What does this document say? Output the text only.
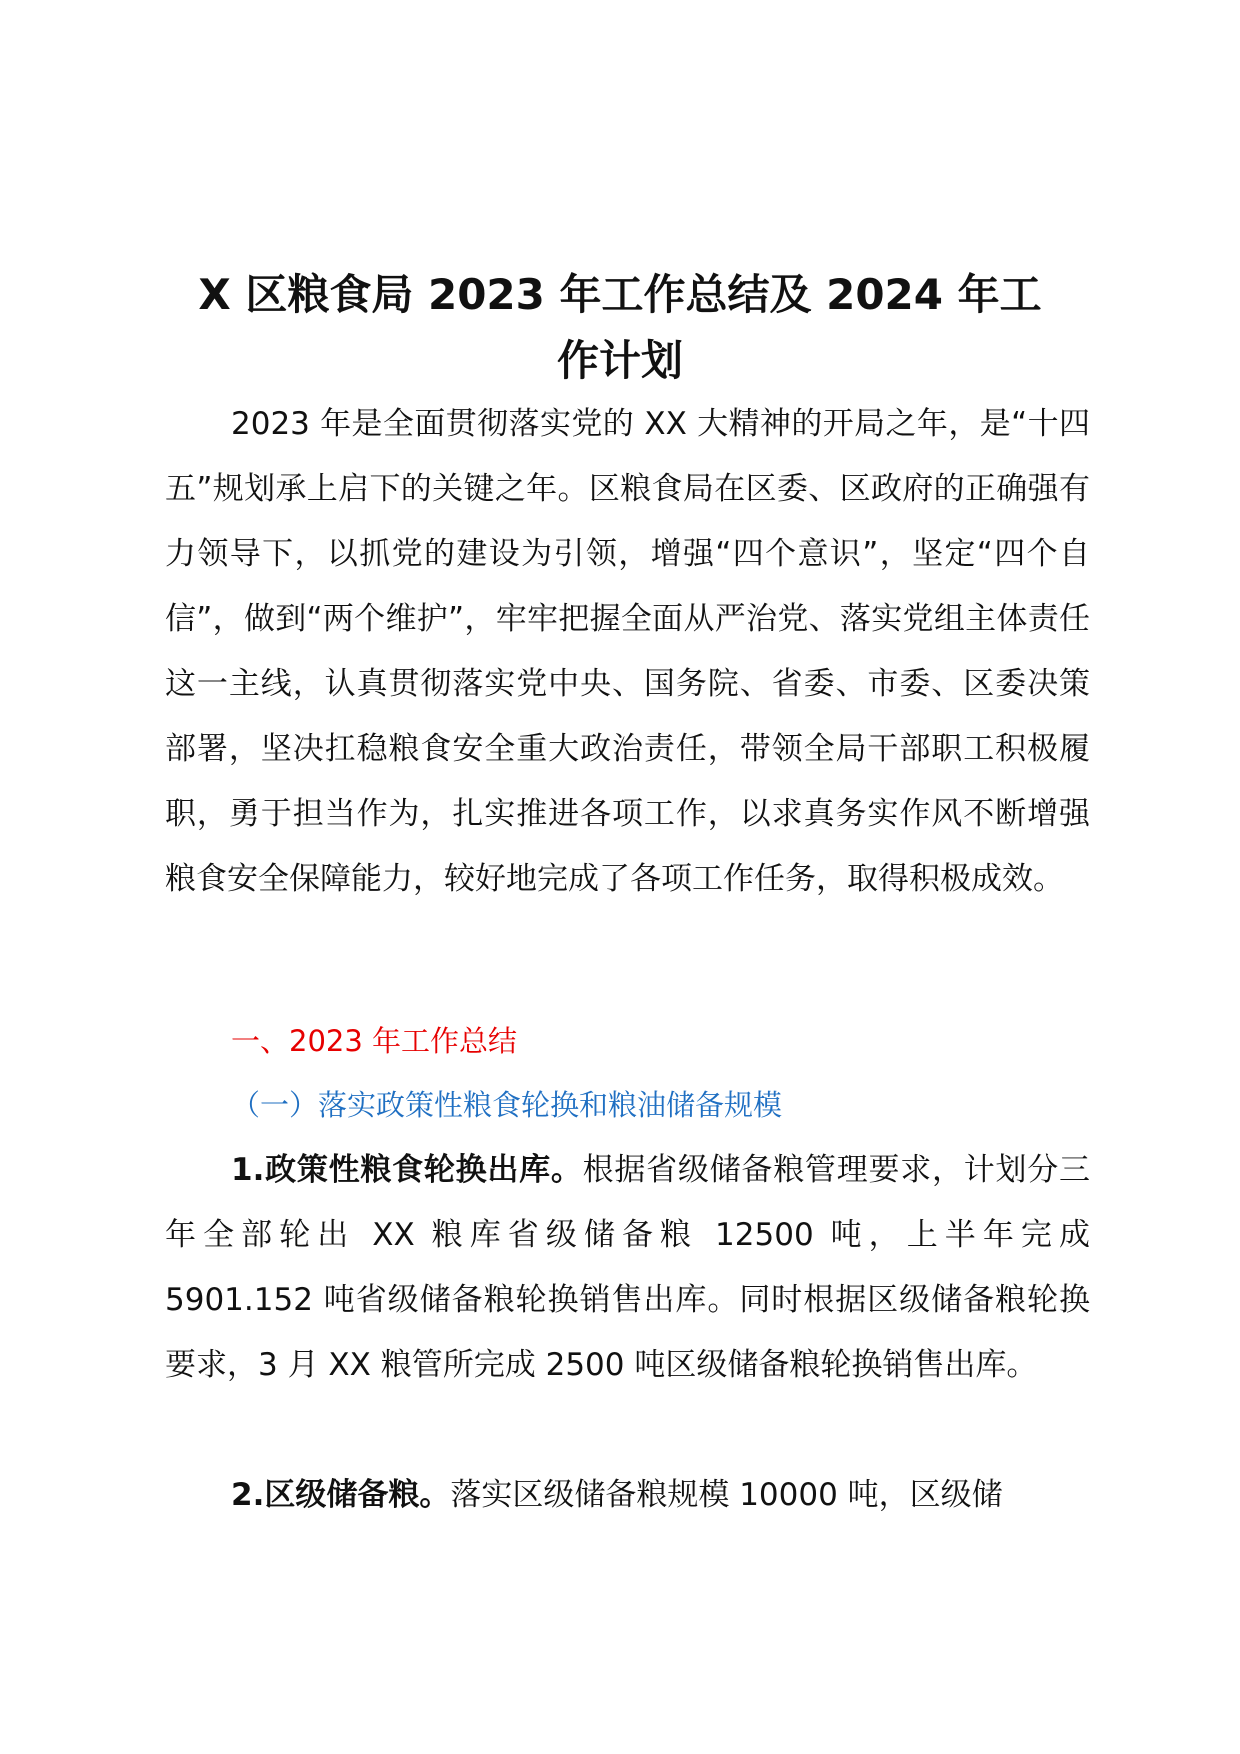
X 区粮食局 2023 年工作总结及 2024 年工
作计划

2023 年是全面贯彻落实党的 XX 大精神的开局之年，是“十四五”规划承上启下的关键之年。区粮食局在区委、区政府的正确强有力领导下，以抓党的建设为引领，增强“四个意识”，坚定“四个自信”，做到“两个维护”，牢牢把握全面从严治党、落实党组主体责任这一主线，认真贯彻落实党中央、国务院、省委、市委、区委决策部署，坚决扛稳粮食安全重大政治责任，带领全局干部职工积极履职，勇于担当作为，扎实推进各项工作，以求真务实作风不断增强粮食安全保障能力，较好地完成了各项工作任务，取得积极成效。

一、2023 年工作总结

（一）落实政策性粮食轮换和粮油储备规模

1.政策性粮食轮换出库。根据省级储备粮管理要求，计划分三年全部轮出 XX 粮库省级储备粮 12500 吨，上半年完成 5901.152 吨省级储备粮轮换销售出库。同时根据区级储备粮轮换要求，3 月 XX 粮管所完成 2500 吨区级储备粮轮换销售出库。

2.区级储备粮。落实区级储备粮规模 10000 吨，区级储
